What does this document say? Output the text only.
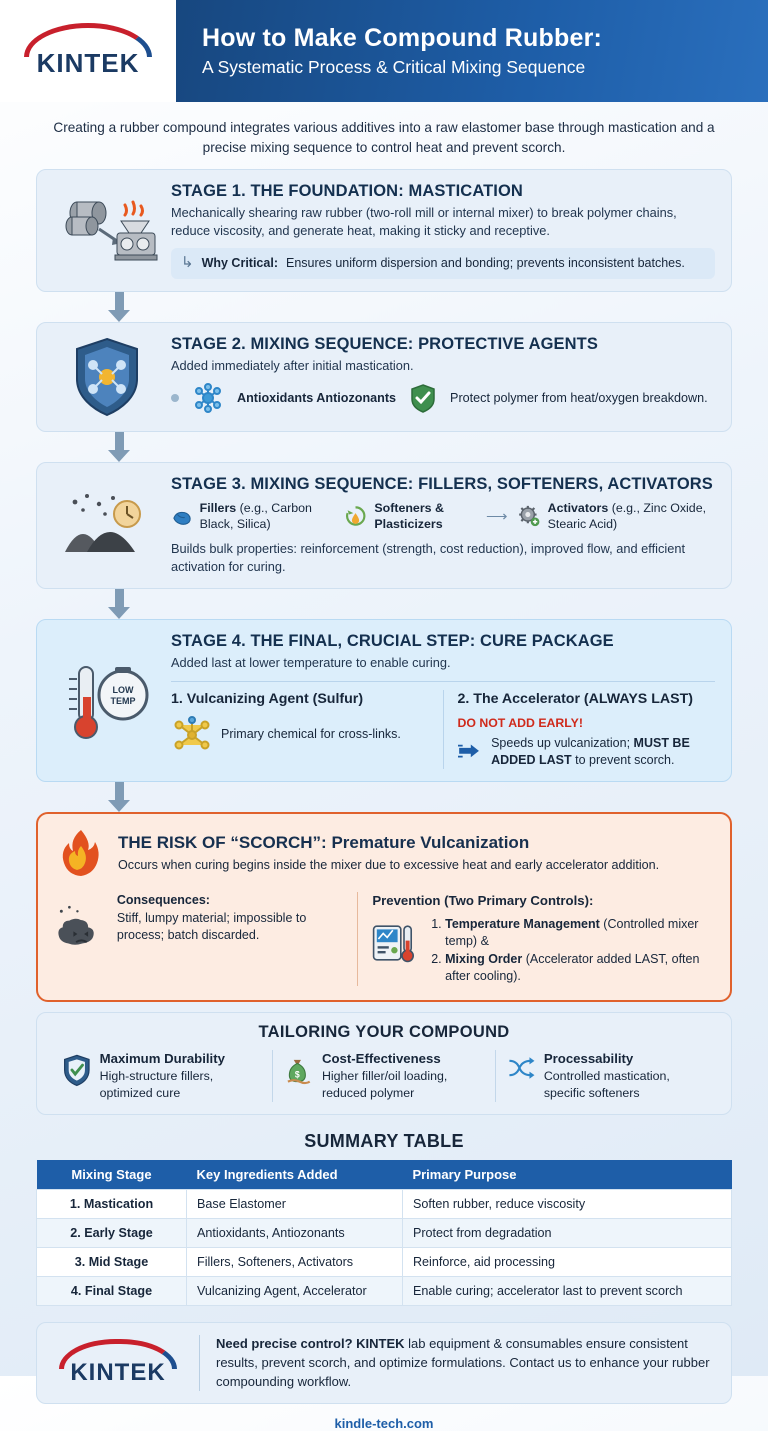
KINTEK
How to Make Compound Rubber:
A Systematic Process & Critical Mixing Sequence
Creating a rubber compound integrates various additives into a raw elastomer base through mastication and a precise mixing sequence to control heat and prevent scorch.
STAGE 1. THE FOUNDATION: MASTICATION

Mechanically shearing raw rubber (two-roll mill or internal mixer) to break polymer chains, reduce viscosity, and generate heat, making it sticky and receptive.

↳ Why Critical: Ensures uniform dispersion and bonding; prevents inconsistent batches.
STAGE 2. MIXING SEQUENCE: PROTECTIVE AGENTS

Added immediately after initial mastication.

Antioxidants Antiozonants	Protect polymer from heat/oxygen breakdown.
STAGE 3. MIXING SEQUENCE: FILLERS, SOFTENERS, ACTIVATORS
Fillers (e.g., Carbon Black, Silica)
Softeners & Plasticizers	⟶
Activators (e.g., Zinc Oxide, Stearic Acid)

Builds bulk properties: reinforcement (strength, cost reduction), improved flow, and efficient activation for curing.

LOW
TEMP
STAGE 4. THE FINAL, CRUCIAL STEP: CURE PACKAGE

Added last at lower temperature to enable curing.

1. Vulcanizing Agent (Sulfur)
Primary chemical for cross-links.
2. The Accelerator (ALWAYS LAST)
DO NOT ADD EARLY!
Speeds up vulcanization; MUST BE ADDED LAST to prevent scorch.
THE RISK OF “SCORCH”: Premature Vulcanization

Occurs when curing begins inside the mixer due to excessive heat and early accelerator addition.

Consequences:
Stiff, lumpy material; impossible to process; batch discarded.
Prevention (Two Primary Controls):
1. Temperature Management (Controlled mixer temp) &
2. Mixing Order (Accelerator added LAST, often after cooling).
TAILORING YOUR COMPOUND
Maximum Durability
High-structure fillers, optimized cure
$
Cost-Effectiveness
Higher filler/oil loading, reduced polymer
Processability
Controlled mastication, specific softeners
SUMMARY TABLE
Mixing Stage	Key Ingredients Added	Primary Purpose
1. Mastication	Base Elastomer	Soften rubber, reduce viscosity
2. Early Stage	Antioxidants, Antiozonants	Protect from degradation
3. Mid Stage	Fillers, Softeners, Activators	Reinforce, aid processing
4. Final Stage	Vulcanizing Agent, Accelerator	Enable curing; accelerator last to prevent scorch
KINTEK
Need precise control? KINTEK lab equipment & consumables ensure consistent results, prevent scorch, and optimize formulations. Contact us to enhance your rubber compounding workflow.
kindle-tech.com
